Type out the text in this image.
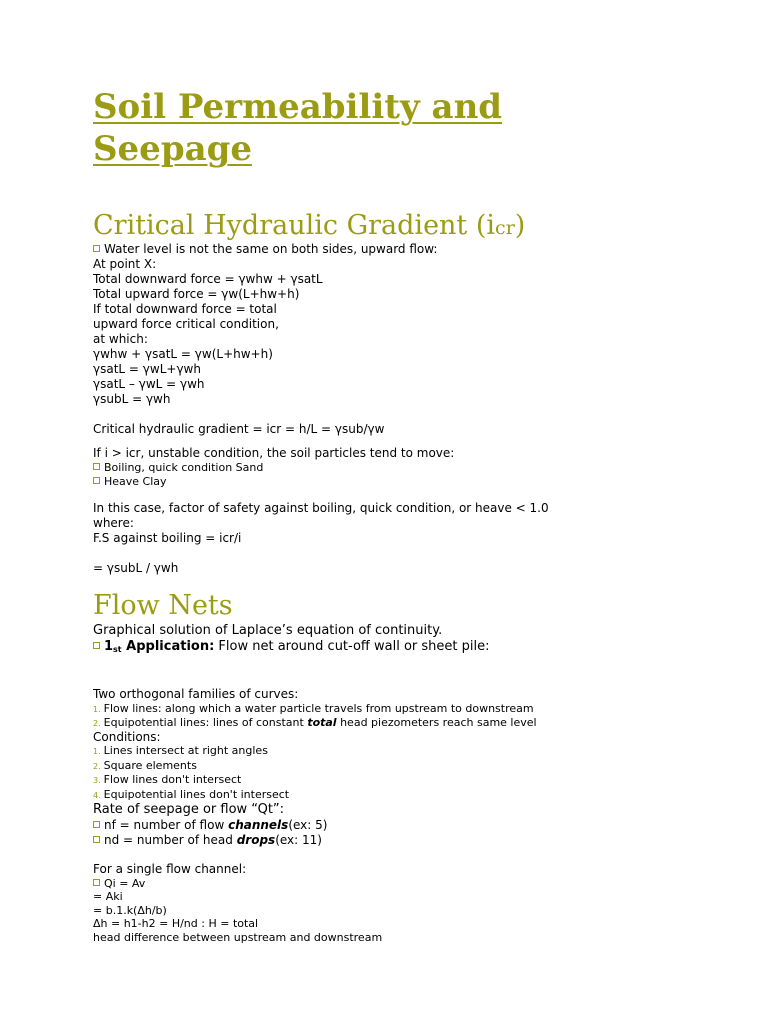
Soil Permeability and
Seepage
Critical Hydraulic Gradient (icr)
Water level is not the same on both sides, upward flow:
At point X:
Total downward force = γwhw + γsatL
Total upward force = γw(L+hw+h)
If total downward force = total
upward force critical condition,
at which:
γwhw + γsatL = γw(L+hw+h)
γsatL = γwL+γwh
γsatL – γwL = γwh
γsubL = γwh
Critical hydraulic gradient = icr = h/L = γsub/γw
If i > icr, unstable condition, the soil particles tend to move:
Boiling, quick condition Sand
Heave Clay
In this case, factor of safety against boiling, quick condition, or heave < 1.0
where:
F.S against boiling = icr/i
= γsubL / γwh
Flow Nets
Graphical solution of Laplace’s equation of continuity.
$1_{st}$ Application: Flow net around cut-off wall or sheet pile:
Two orthogonal families of curves:
1. Flow lines: along which a water particle travels from upstream to downstream
2. Equipotential lines: lines of constant total head piezometers reach same level
Conditions:
1. Lines intersect at right angles
2. Square elements
3. Flow lines don't intersect
4. Equipotential lines don't intersect
Rate of seepage or flow “Qt”:
nf = number of flow channels(ex: 5)
nd = number of head drops(ex: 11)
For a single flow channel:
Qi = Av
= Aki
= b.1.k(Δh/b)
Δh = h1-h2 = H/nd : H = total
head difference between upstream and downstream
